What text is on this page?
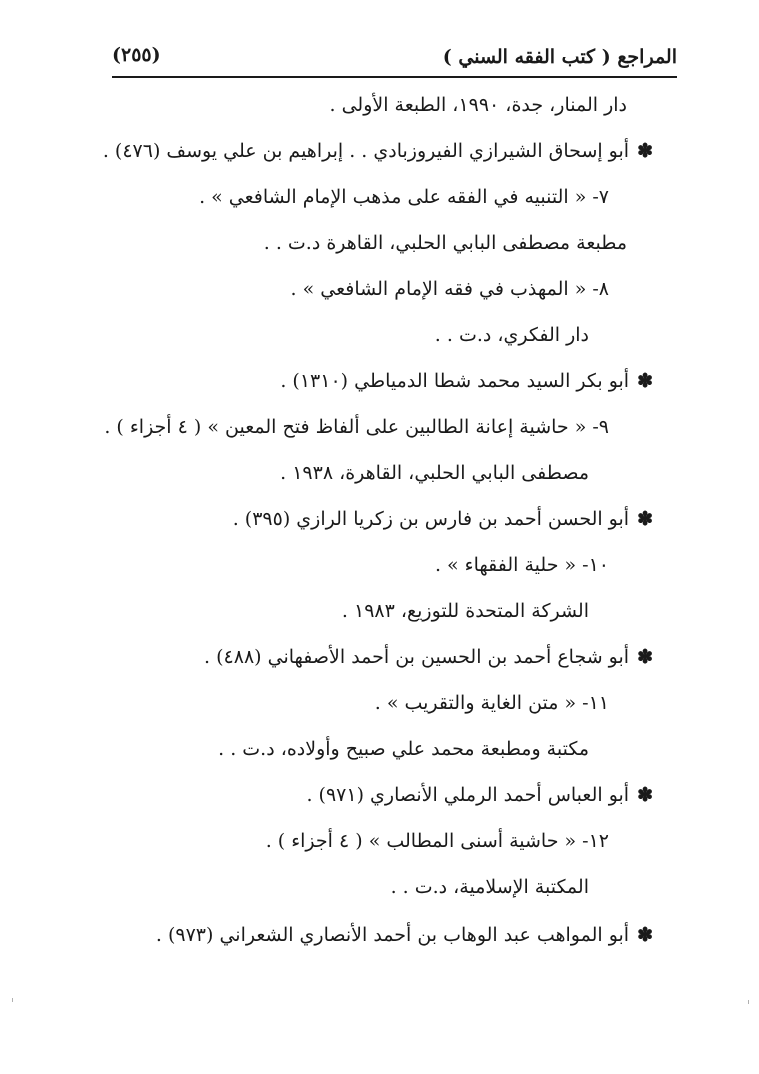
المراجع ( كتب الفقه السني )
(٢٥٥)
دار المنار، جدة، ١٩٩٠، الطبعة الأولى .
✽أبو إسحاق الشيرازي الفيروزبادي . . إبراهيم بن علي يوسف (٤٧٦) .
٧- « التنبيه في الفقه على مذهب الإمام الشافعي » .
مطبعة مصطفى البابي الحلبي، القاهرة د.ت . .
٨- « المهذب في فقه الإمام الشافعي » .
دار الفكري، د.ت . .
✽أبو بكر السيد محمد شطا الدمياطي (١٣١٠) .
٩- « حاشية إعانة الطالبين على ألفاظ فتح المعين » ( ٤ أجزاء ) .
مصطفى البابي الحلبي، القاهرة، ١٩٣٨ .
✽أبو الحسن أحمد بن فارس بن زكريا الرازي (٣٩٥) .
١٠- « حلية الفقهاء » .
الشركة المتحدة للتوزيع، ١٩٨٣ .
✽أبو شجاع أحمد بن الحسين بن أحمد الأصفهاني (٤٨٨) .
١١- « متن الغاية والتقريب » .
مكتبة ومطبعة محمد علي صبيح وأولاده، د.ت . .
✽أبو العباس أحمد الرملي الأنصاري (٩٧١) .
١٢- « حاشية أسنى المطالب » ( ٤ أجزاء ) .
المكتبة الإسلامية، د.ت . .
✽أبو المواهب عبد الوهاب بن أحمد الأنصاري الشعراني (٩٧٣) .
